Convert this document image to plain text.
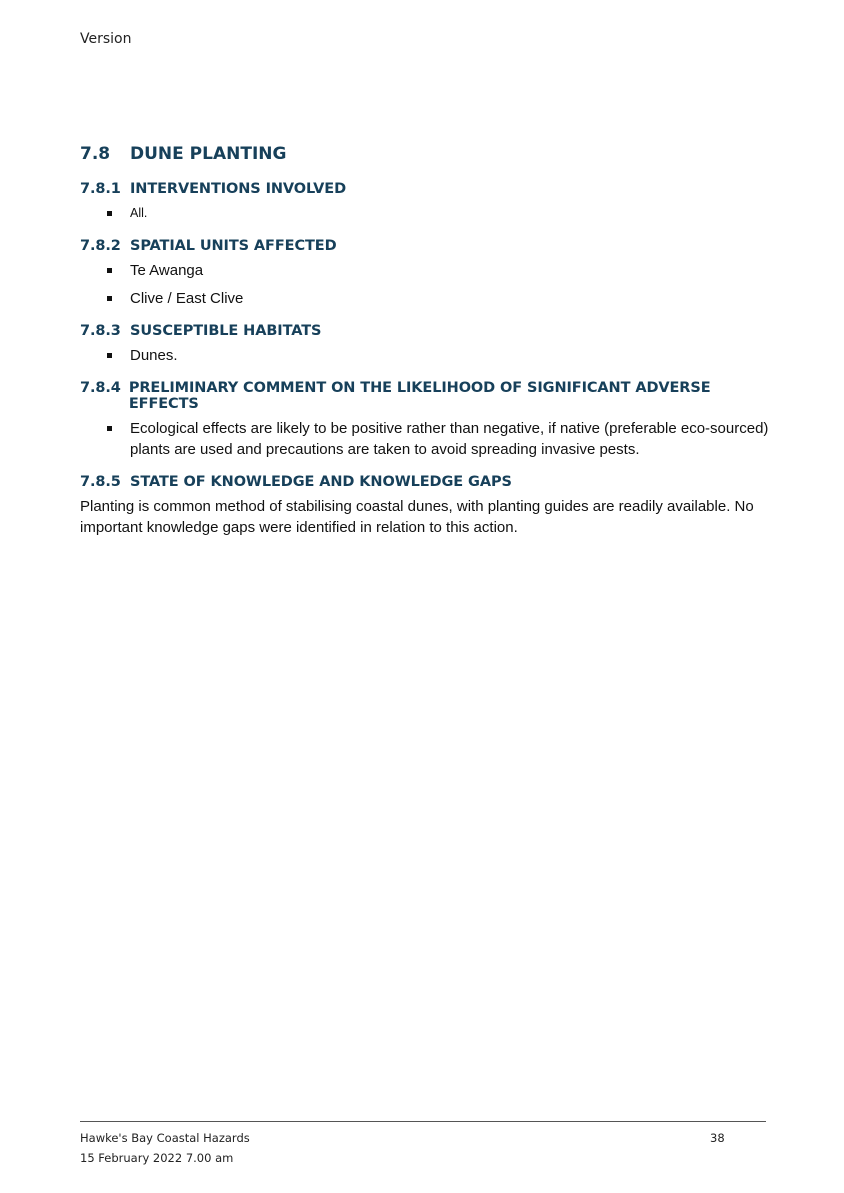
Version
7.8	DUNE PLANTING
7.8.1 INTERVENTIONS INVOLVED
All.
7.8.2 SPATIAL UNITS AFFECTED
Te Awanga
Clive / East Clive
7.8.3 SUSCEPTIBLE HABITATS
Dunes.
7.8.4 PRELIMINARY COMMENT ON THE LIKELIHOOD OF SIGNIFICANT ADVERSE EFFECTS
Ecological effects are likely to be positive rather than negative, if native (preferable eco-sourced) plants are used and precautions are taken to avoid spreading invasive pests.
7.8.5 STATE OF KNOWLEDGE AND KNOWLEDGE GAPS

Planting is common method of stabilising coastal dunes, with planting guides are readily available. No important knowledge gaps were identified in relation to this action.

Hawke's Bay Coastal Hazards
15 February 2022 7.00 am
38
